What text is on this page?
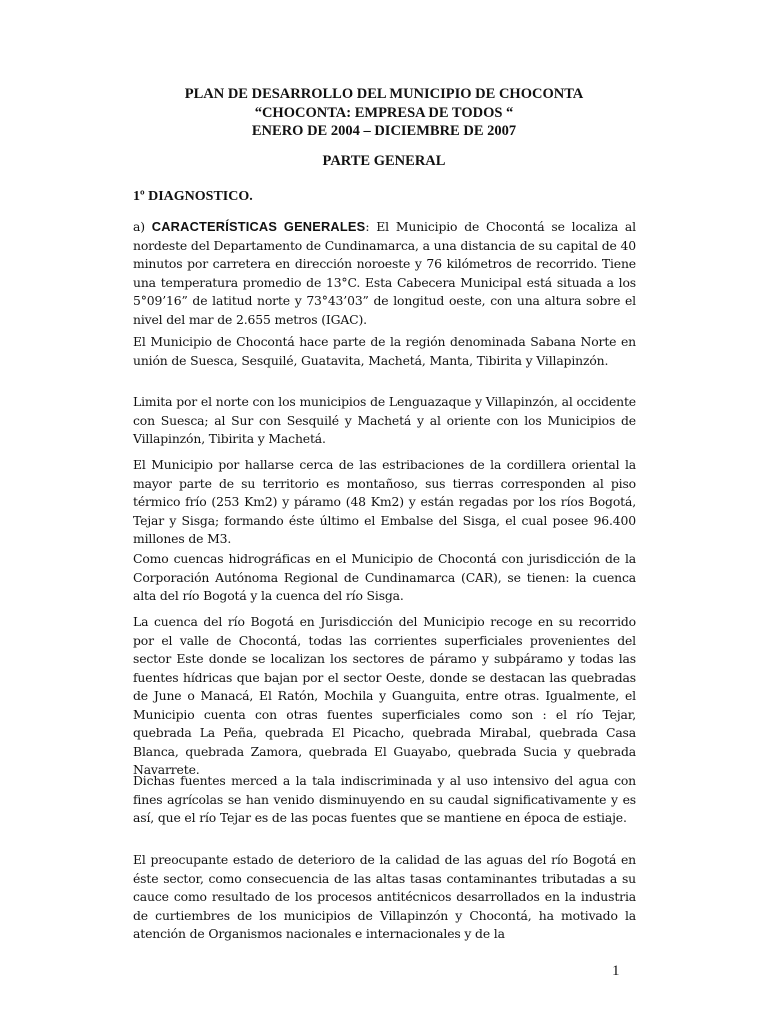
PLAN DE DESARROLLO DEL MUNICIPIO DE CHOCONTA
“CHOCONTA: EMPRESA DE TODOS “
ENERO DE 2004 – DICIEMBRE DE 2007
PARTE GENERAL
1º DIAGNOSTICO.

a) CARACTERÍSTICAS GENERALES: El Municipio de Chocontá se localiza al nordeste del Departamento de Cundinamarca, a una distancia de su capital de 40 minutos por carretera en dirección noroeste y 76 kilómetros de recorrido. Tiene una temperatura promedio de 13°C. Esta Cabecera Municipal está situada a los 5°09’16” de latitud norte y 73°43’03” de longitud oeste, con una altura sobre el nivel del mar de 2.655 metros (IGAC).

El Municipio de Chocontá hace parte de la región denominada Sabana Norte en unión de Suesca, Sesquilé, Guatavita, Machetá, Manta, Tibirita y Villapinzón.

Limita por el norte con los municipios de Lenguazaque y Villapinzón, al occidente con Suesca; al Sur con Sesquilé y Machetá y al oriente con los Municipios de Villapinzón, Tibirita y Machetá.

El Municipio por hallarse cerca de las estribaciones de la cordillera oriental la mayor parte de su territorio es montañoso, sus tierras corresponden al piso térmico frío (253 Km2) y páramo (48 Km2) y están regadas por los ríos Bogotá, Tejar y Sisga; formando éste último el Embalse del Sisga, el cual posee 96.400 millones de M3.

Como cuencas hidrográficas en el Municipio de Chocontá con jurisdicción de la Corporación Autónoma Regional de Cundinamarca (CAR), se tienen: la cuenca alta del río Bogotá y la cuenca del río Sisga.

La cuenca del río Bogotá en Jurisdicción del Municipio recoge en su recorrido por el valle de Chocontá, todas las corrientes superficiales provenientes del sector Este donde se localizan los sectores de páramo y subpáramo y todas las fuentes hídricas que bajan por el sector Oeste, donde se destacan las quebradas de June o Manacá, El Ratón, Mochila y Guanguita, entre otras. Igualmente, el Municipio cuenta con otras fuentes superficiales como son : el río Tejar, quebrada La Peña, quebrada El Picacho, quebrada Mirabal, quebrada Casa Blanca, quebrada Zamora, quebrada El Guayabo, quebrada Sucia y quebrada Navarrete.

Dichas fuentes merced a la tala indiscriminada y al uso intensivo del agua con fines agrícolas se han venido disminuyendo en su caudal significativamente y es así, que el río Tejar es de las pocas fuentes que se mantiene en época de estiaje.

El preocupante estado de deterioro de la calidad de las aguas del río Bogotá en éste sector, como consecuencia de las altas tasas contaminantes tributadas a su cauce como resultado de los procesos antitécnicos desarrollados en la industria de curtiembres de los municipios de Villapinzón y Chocontá, ha motivado la atención de Organismos nacionales e internacionales y de la

1
